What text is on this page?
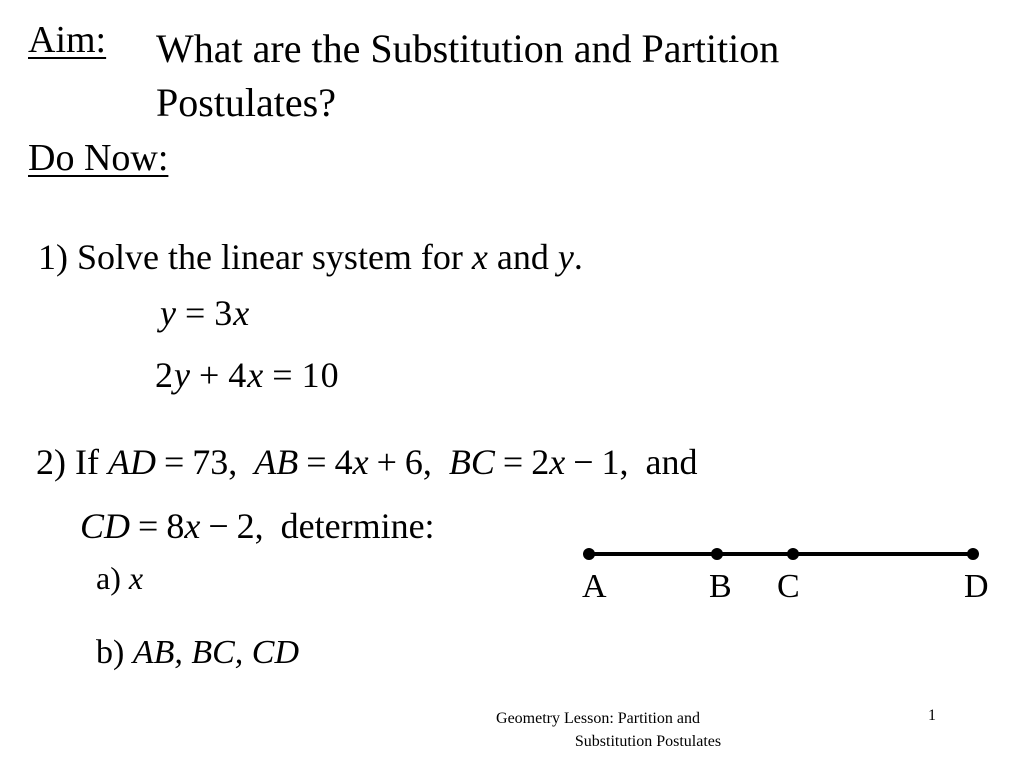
Aim: What are the Substitution and Partition Postulates?
Do Now:
1) Solve the linear system for x and y.
y = 3x
2y + 4x = 10
2) If AD = 73, AB = 4x + 6, BC = 2x − 1, and
CD = 8x − 2, determine:
a) x
b) AB, BC, CD
A	B C	D
Geometry Lesson: Partition and
Substitution Postulates
1
